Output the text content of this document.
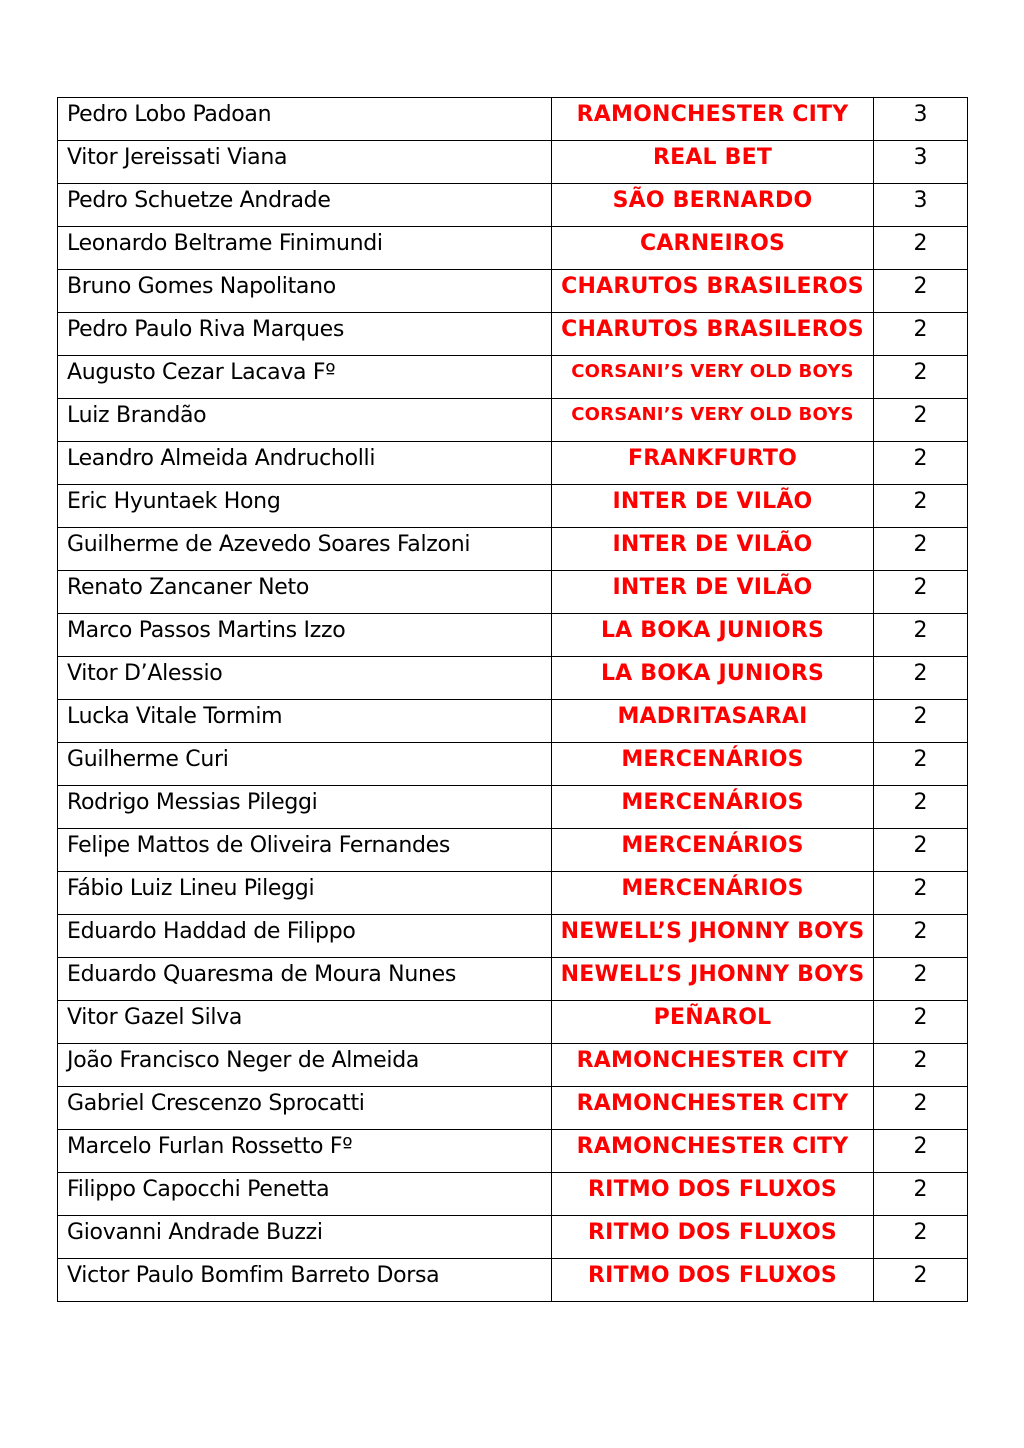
Pedro Lobo Padoan	RAMONCHESTER CITY	3
Vitor Jereissati Viana	REAL BET	3
Pedro Schuetze Andrade	SÃO BERNARDO	3
Leonardo Beltrame Finimundi	CARNEIROS	2
Bruno Gomes Napolitano	CHARUTOS BRASILEROS	2
Pedro Paulo Riva Marques	CHARUTOS BRASILEROS	2
Augusto Cezar Lacava Fº	CORSANI’S VERY OLD BOYS	2
Luiz Brandão	CORSANI’S VERY OLD BOYS	2
Leandro Almeida Andrucholli	FRANKFURTO	2
Eric Hyuntaek Hong	INTER DE VILÃO	2
Guilherme de Azevedo Soares Falzoni	INTER DE VILÃO	2
Renato Zancaner Neto	INTER DE VILÃO	2
Marco Passos Martins Izzo	LA BOKA JUNIORS	2
Vitor D’Alessio	LA BOKA JUNIORS	2
Lucka Vitale Tormim	MADRITASARAI	2
Guilherme Curi	MERCENÁRIOS	2
Rodrigo Messias Pileggi	MERCENÁRIOS	2
Felipe Mattos de Oliveira Fernandes	MERCENÁRIOS	2
Fábio Luiz Lineu Pileggi	MERCENÁRIOS	2
Eduardo Haddad de Filippo	NEWELL’S JHONNY BOYS	2
Eduardo Quaresma de Moura Nunes	NEWELL’S JHONNY BOYS	2
Vitor Gazel Silva	PEÑAROL	2
João Francisco Neger de Almeida	RAMONCHESTER CITY	2
Gabriel Crescenzo Sprocatti	RAMONCHESTER CITY	2
Marcelo Furlan Rossetto Fº	RAMONCHESTER CITY	2
Filippo Capocchi Penetta	RITMO DOS FLUXOS	2
Giovanni Andrade Buzzi	RITMO DOS FLUXOS	2
Victor Paulo Bomfim Barreto Dorsa	RITMO DOS FLUXOS	2
